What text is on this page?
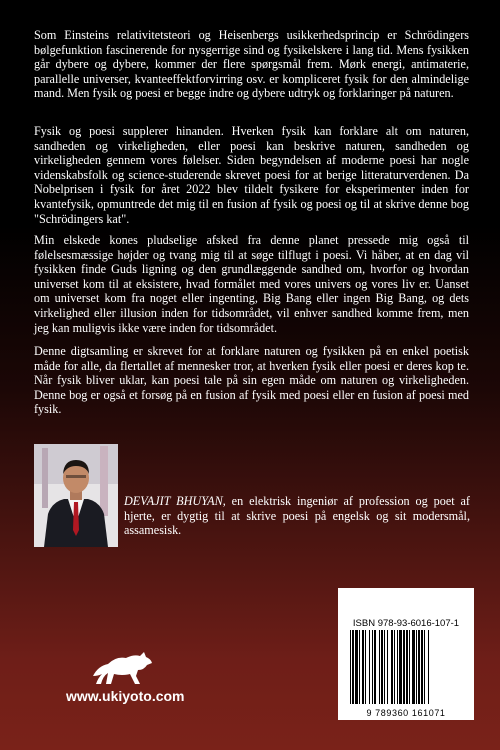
Som Einsteins relativitetsteori og Heisenbergs usikkerhedsprincip er Schrödingers bølgefunktion fascinerende for nysgerrige sind og fysikelskere i lang tid. Mens fysikken går dybere og dybere, kommer der flere spørgsmål frem. Mørk energi, antimaterie, parallelle universer, kvanteeffektforvirring osv. er kompliceret fysik for den almindelige mand. Men fysik og poesi er begge indre og dybere udtryk og forklaringer på naturen.

Fysik og poesi supplerer hinanden. Hverken fysik kan forklare alt om naturen, sandheden og virkeligheden, eller poesi kan beskrive naturen, sandheden og virkeligheden gennem vores følelser. Siden begyndelsen af moderne poesi har nogle videnskabsfolk og science-studerende skrevet poesi for at berige litteraturverdenen. Da Nobelprisen i fysik for året 2022 blev tildelt fysikere for eksperimenter inden for kvantefysik, opmuntrede det mig til en fusion af fysik og poesi og til at skrive denne bog "Schrödingers kat".

Min elskede kones pludselige afsked fra denne planet pressede mig også til følelsesmæssige højder og tvang mig til at søge tilflugt i poesi. Vi håber, at en dag vil fysikken finde Guds ligning og den grundlæggende sandhed om, hvorfor og hvordan universet kom til at eksistere, hvad formålet med vores univers og vores liv er. Uanset om universet kom fra noget eller ingenting, Big Bang eller ingen Big Bang, og dets virkelighed eller illusion inden for tidsområdet, vil enhver sandhed komme frem, men jeg kan muligvis ikke være inden for tidsområdet.

Denne digtsamling er skrevet for at forklare naturen og fysikken på en enkel poetisk måde for alle, da flertallet af mennesker tror, at hverken fysik eller poesi er deres kop te. Når fysik bliver uklar, kan poesi tale på sin egen måde om naturen og virkeligheden. Denne bog er også et forsøg på en fusion af fysik med poesi eller en fusion af poesi med fysik.

DEVAJIT BHUYAN, en elektrisk ingeniør af profession og poet af hjerte, er dygtig til at skrive poesi på engelsk og sit modersmål, assamesisk.

ISBN 978-93-6016-107-1
9 789360 161071
www.ukiyoto.com
